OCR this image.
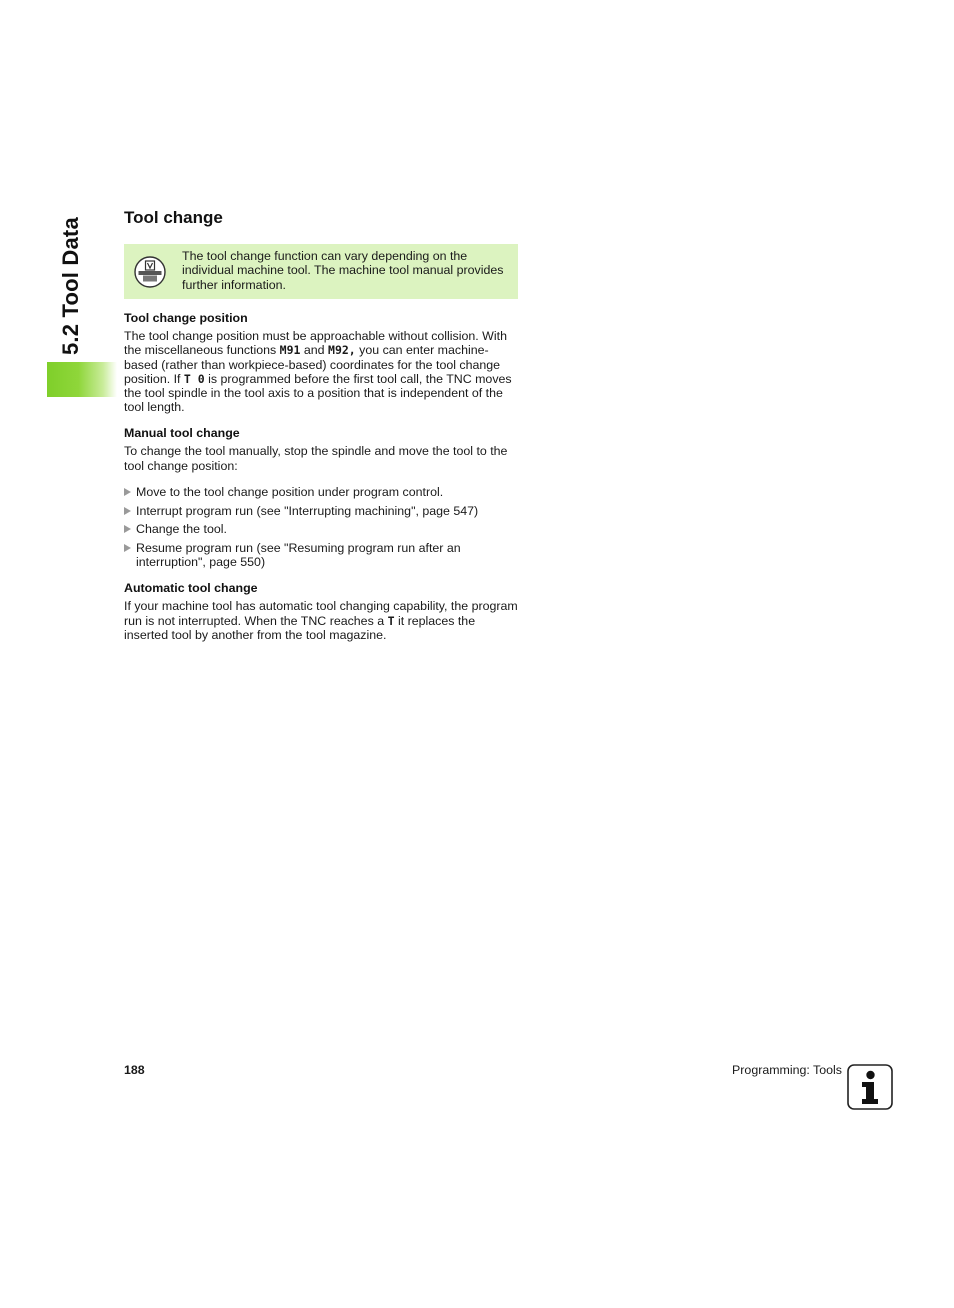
5.2 Tool Data Tool change
The tool change function can vary depending on the individual machine tool. The machine tool manual provides further information.
Tool change position

The tool change position must be approachable without collision. With the miscellaneous functions M91 and M92, you can enter machine-based (rather than workpiece-based) coordinates for the tool change position. If T 0 is programmed before the first tool call, the TNC moves the tool spindle in the tool axis to a position that is independent of the tool length.

Manual tool change

To change the tool manually, stop the spindle and move the tool to the tool change position:

Move to the tool change position under program control.
Interrupt program run (see "Interrupting machining", page 547)
Change the tool.
Resume program run (see "Resuming program run after an interruption", page 550)
Automatic tool change

If your machine tool has automatic tool changing capability, the program run is not interrupted. When the TNC reaches a T it replaces the inserted tool by another from the tool magazine.

188	Programming: Tools
